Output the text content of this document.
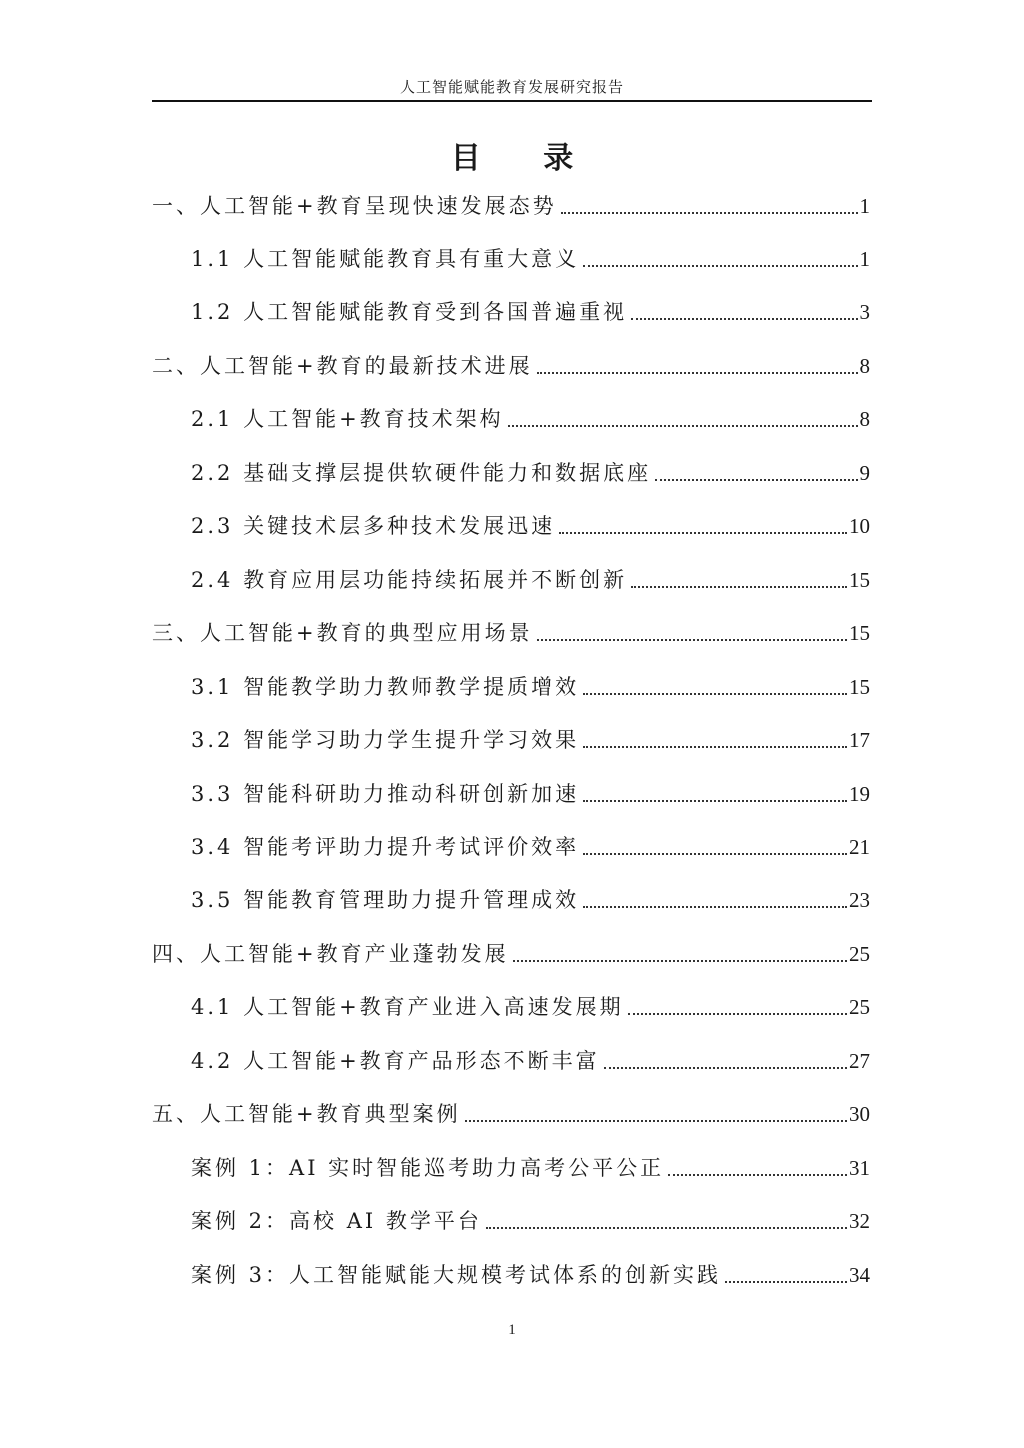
人工智能赋能教育发展研究报告
目 录
一、人工智能+教育呈现快速发展态势	1
1.1 人工智能赋能教育具有重大意义	1
1.2 人工智能赋能教育受到各国普遍重视	3
二、人工智能+教育的最新技术进展	8
2.1 人工智能+教育技术架构	8
2.2 基础支撑层提供软硬件能力和数据底座	9
2.3 关键技术层多种技术发展迅速	10
2.4 教育应用层功能持续拓展并不断创新	15
三、人工智能+教育的典型应用场景	15
3.1 智能教学助力教师教学提质增效	15
3.2 智能学习助力学生提升学习效果	17
3.3 智能科研助力推动科研创新加速	19
3.4 智能考评助力提升考试评价效率	21
3.5 智能教育管理助力提升管理成效	23
四、人工智能+教育产业蓬勃发展	25
4.1 人工智能+教育产业进入高速发展期	25
4.2 人工智能+教育产品形态不断丰富	27
五、人工智能+教育典型案例	30
案例 1：AI 实时智能巡考助力高考公平公正	31
案例 2：高校 AI 教学平台	32
案例 3：人工智能赋能大规模考试体系的创新实践	34
1
